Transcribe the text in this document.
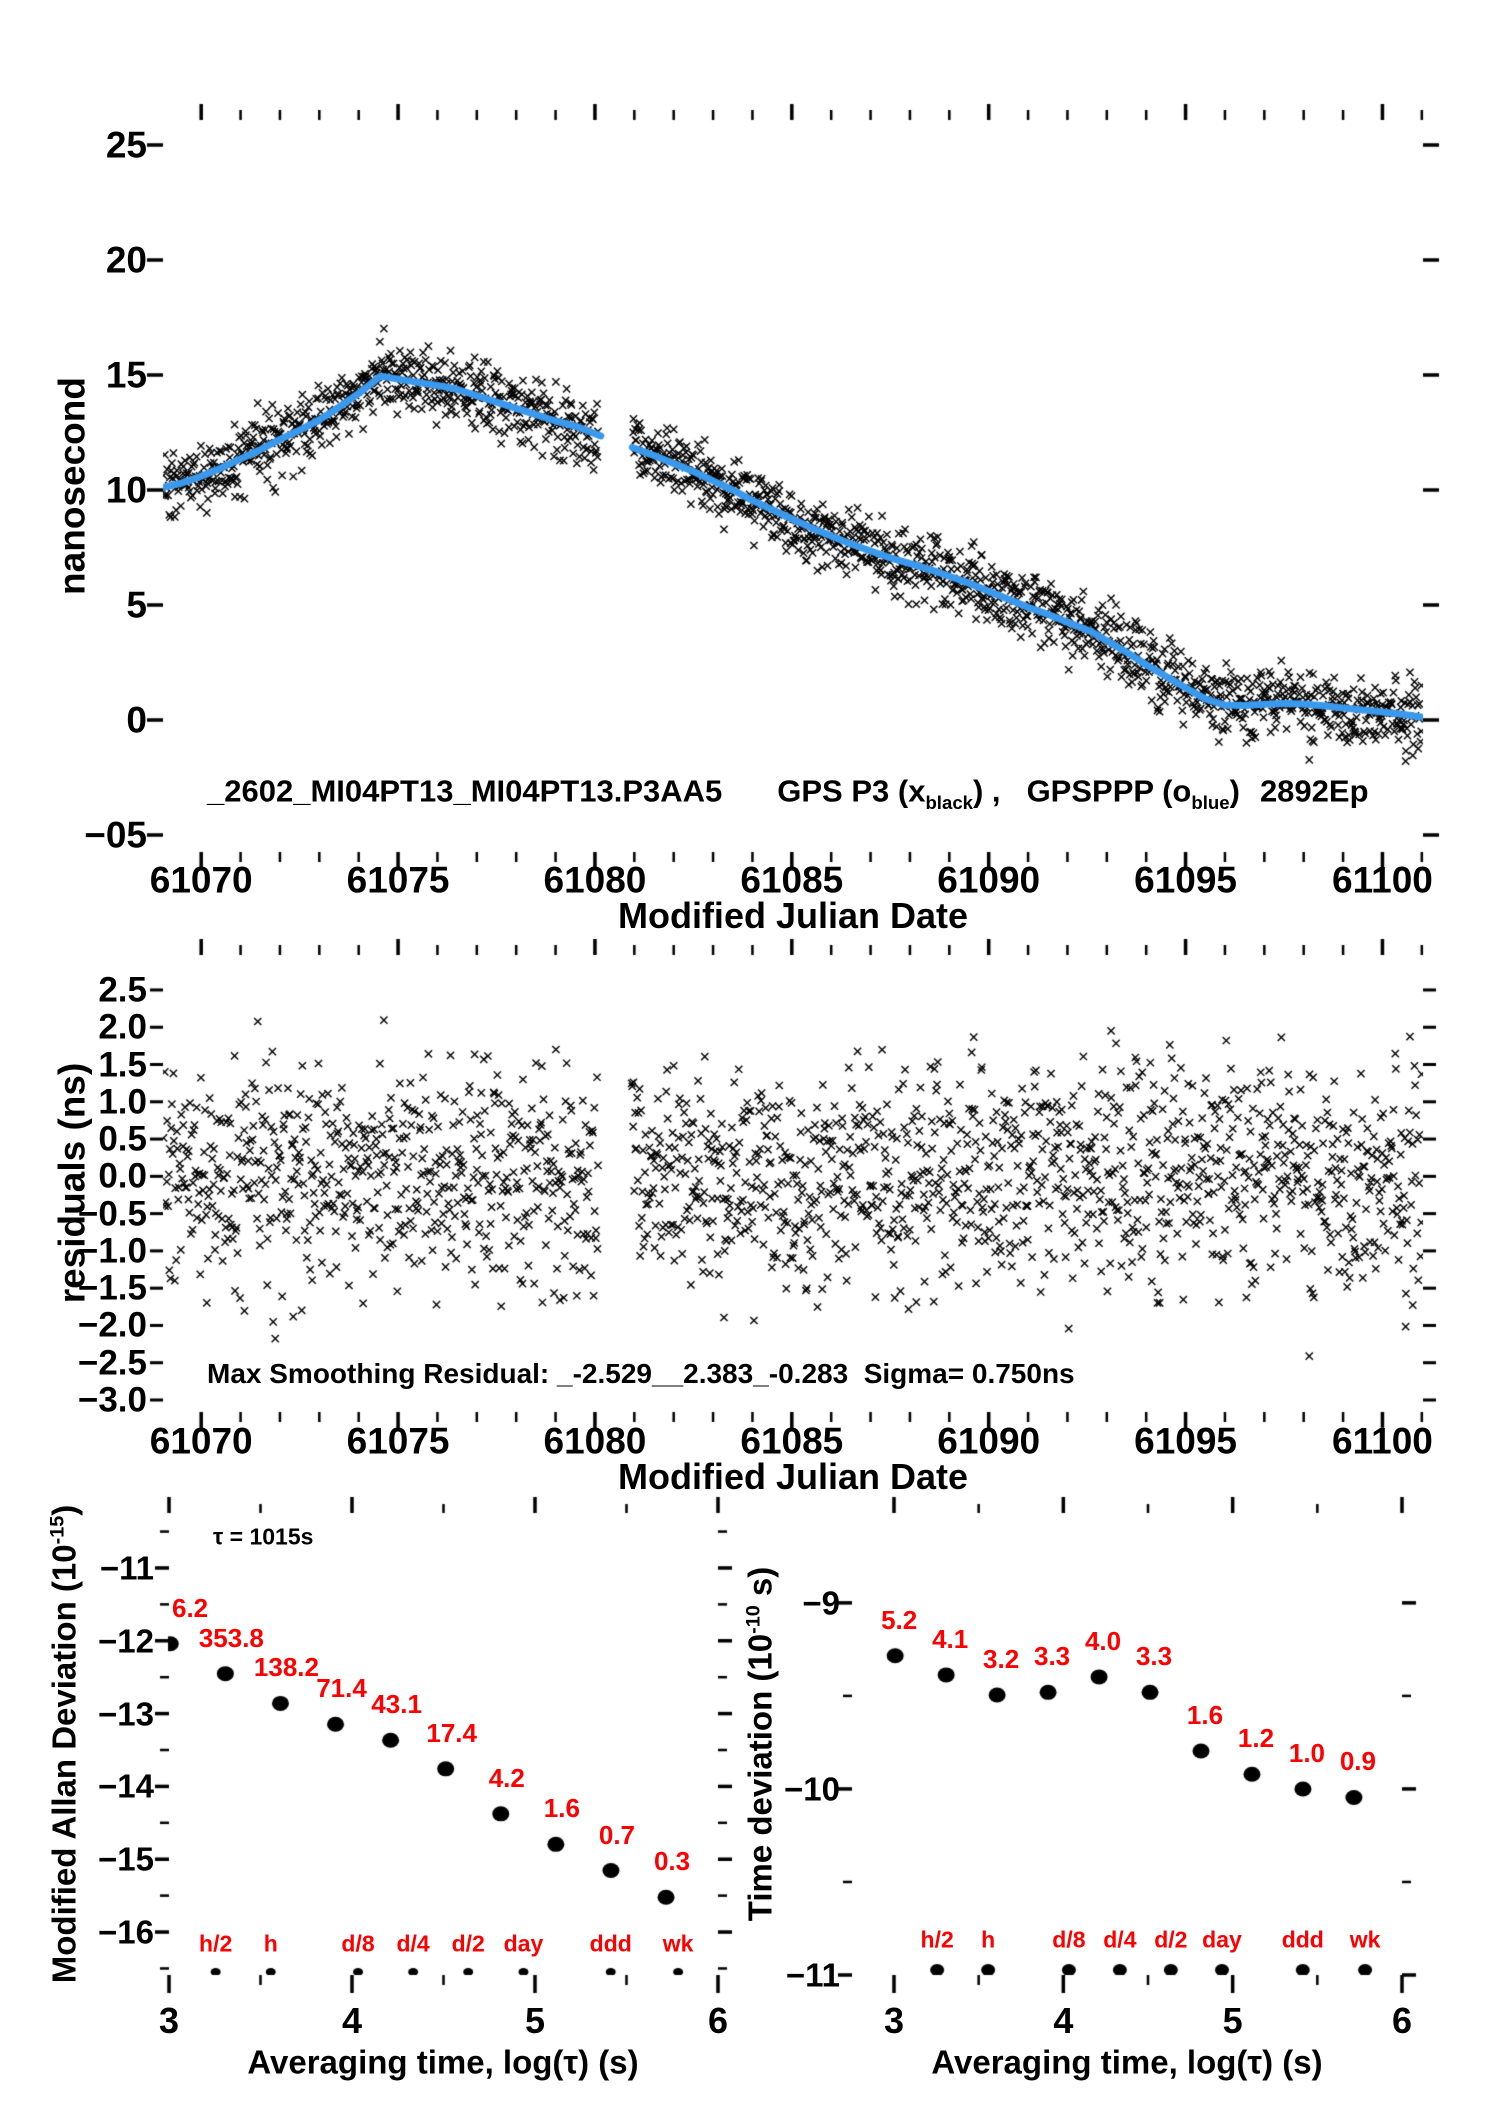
nanosecond
Modified Julian Date
_2602_MI04PT13_MI04PT13.P3AA5 GPS P3 $(x_{black})$ , GPSPPP $(o_{blue})$ 2892Ep
residuals (ns)
Modified Julian Date
Max Smoothing Residual: _-2.529__2.383_-0.283  Sigma= 0.750ns
Modified Allan Deviation $(10^{-15})$
Averaging time, log(τ) (s)
τ = 1015s
Time deviation ($10^{-10}$ s)
Averaging time, log(τ) (s)
61070	61075	61080	61085	61090	61095	61100
25
20
15
10
5
0
−05
61070	61075	61080	61085	61090	61095	61100
2.5
2.0
1.5
1.0
0.5
0.0
−0.5
−1.0
−1.5
−2.0
−2.5
−3.0
3	4	5	6
−11
−12
−13
−14
−15
−16
6.2
353.8
138.2
71.4
43.1
17.4
4.2
1.6
0.7
0.3
h/2 h	d/8 d/4 d/2 day ddd wk
3	4	5	6
−9
−10
−11
5.2
4.1
3.2 3.3
4.0
3.3
1.6
1.2 1.0 0.9
h/2 h d/8 d/4 d/2 day ddd wk
